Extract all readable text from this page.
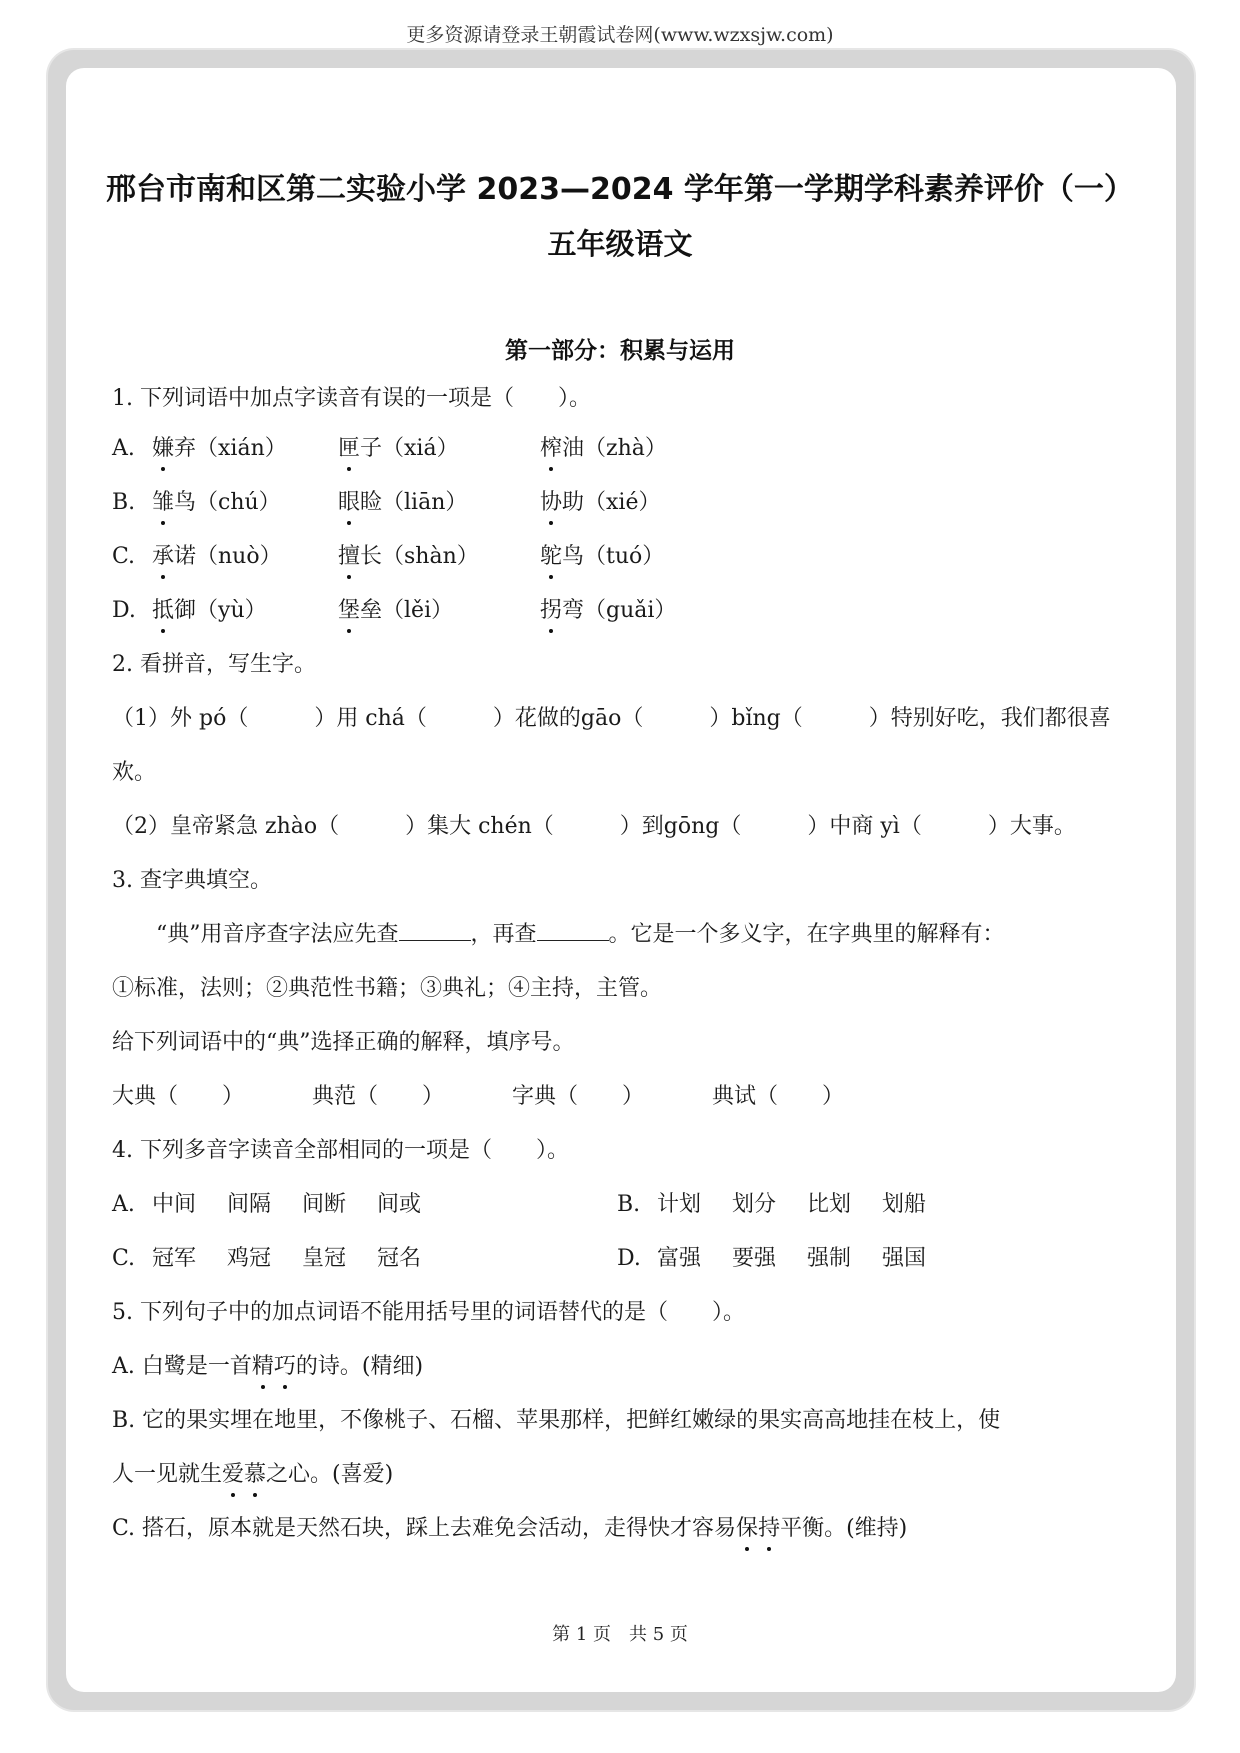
更多资源请登录王朝霞试卷网(www.wzxsjw.com)
邢台市南和区第二实验小学 2023—2024 学年第一学期学科素养评价（一）
五年级语文
第一部分：积累与运用
1. 下列词语中加点字读音有误的一项是（　　）。
A. 嫌弃（xián） 匣子（xiá）	榨油（zhà）
B. 雏鸟（chú）	眼睑（liān）	协助（xié）
C. 承诺（nuò）	擅长（shàn）	鸵鸟（tuó）
D. 抵御（yù）	堡垒（lěi）	拐弯（guǎi）
2. 看拼音，写生字。
（1）外 pó（　　　）用 chá（　　　）花做的gāo（　　　）bǐng（　　　）特别好吃，我们都很喜
欢。
（2）皇帝紧急 zhào（　　　）集大 chén（　　　）到gōng（　　　）中商 yì（　　　）大事。
3. 查字典填空。
“典”用音序查字法应先查	，再查	。它是一个多义字，在字典里的解释有：
①标准，法则；②典范性书籍；③典礼；④主持，主管。
给下列词语中的“典”选择正确的解释，填序号。
大典（　　）	典范（　　）	字典（　　）	典试（　　）
4. 下列多音字读音全部相同的一项是（　　）。
A. 中间 间隔 间断 间或	B. 计划 划分 比划 划船
C. 冠军 鸡冠 皇冠 冠名	D. 富强 要强 强制 强国
5. 下列句子中的加点词语不能用括号里的词语替代的是（　　）。
A. 白鹭是一首精巧的诗。(精细)
B. 它的果实埋在地里，不像桃子、石榴、苹果那样，把鲜红嫩绿的果实高高地挂在枝上，使
人一见就生爱慕之心。(喜爱)
C. 搭石，原本就是天然石块，踩上去难免会活动，走得快才容易保持平衡。(维持)
第 1 页　共 5 页
